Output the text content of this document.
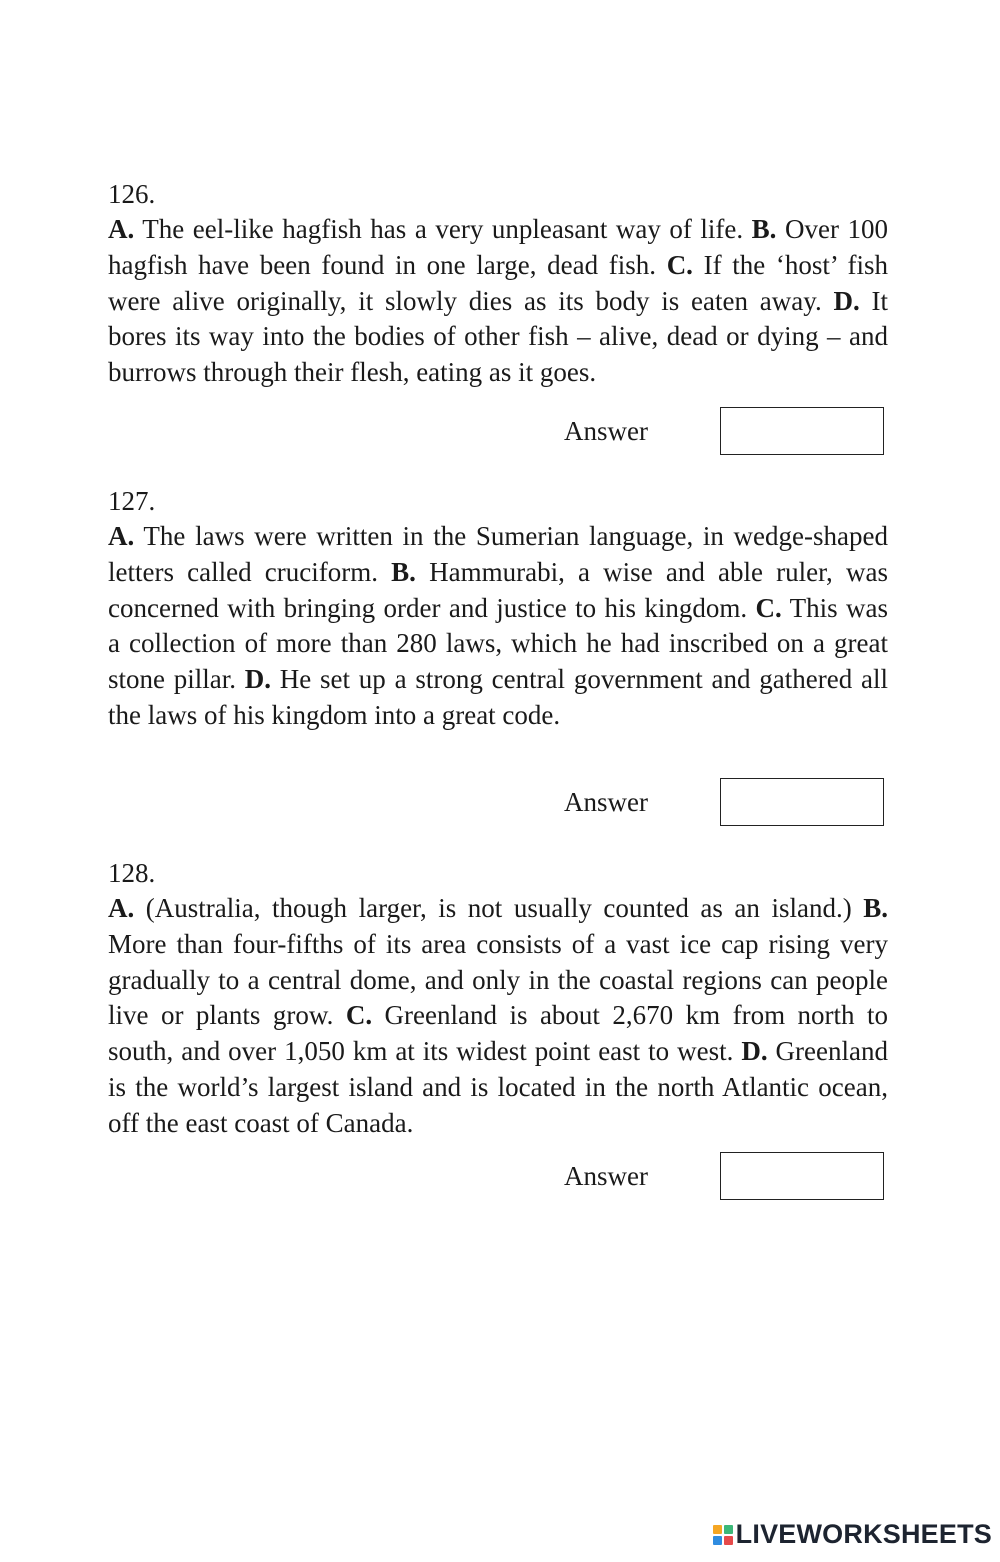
126.

A. The eel-like hagfish has a very unpleasant way of life. B. Over 100 hagfish have been found in one large, dead fish. C. If the ‘host’ fish were alive originally, it slowly dies as its body is eaten away. D. It bores its way into the bodies of other fish – alive, dead or dying – and burrows through their flesh, eating as it goes.

Answer

127.

A. The laws were written in the Sumerian language, in wedge-shaped letters called cruciform. B. Hammurabi, a wise and able ruler, was concerned with bringing order and justice to his kingdom. C. This was a collection of more than 280 laws, which he had inscribed on a great stone pillar. D. He set up a strong central government and gathered all the laws of his kingdom into a great code.

Answer

128.

A. (Australia, though larger, is not usually counted as an island.) B. More than four-fifths of its area consists of a vast ice cap rising very gradually to a central dome, and only in the coastal regions can people live or plants grow. C. Greenland is about 2,670 km from north to south, and over 1,050 km at its widest point east to west. D. Greenland is the world’s largest island and is located in the north Atlantic ocean, off the east coast of Canada.

Answer
LIVEWORKSHEETS
